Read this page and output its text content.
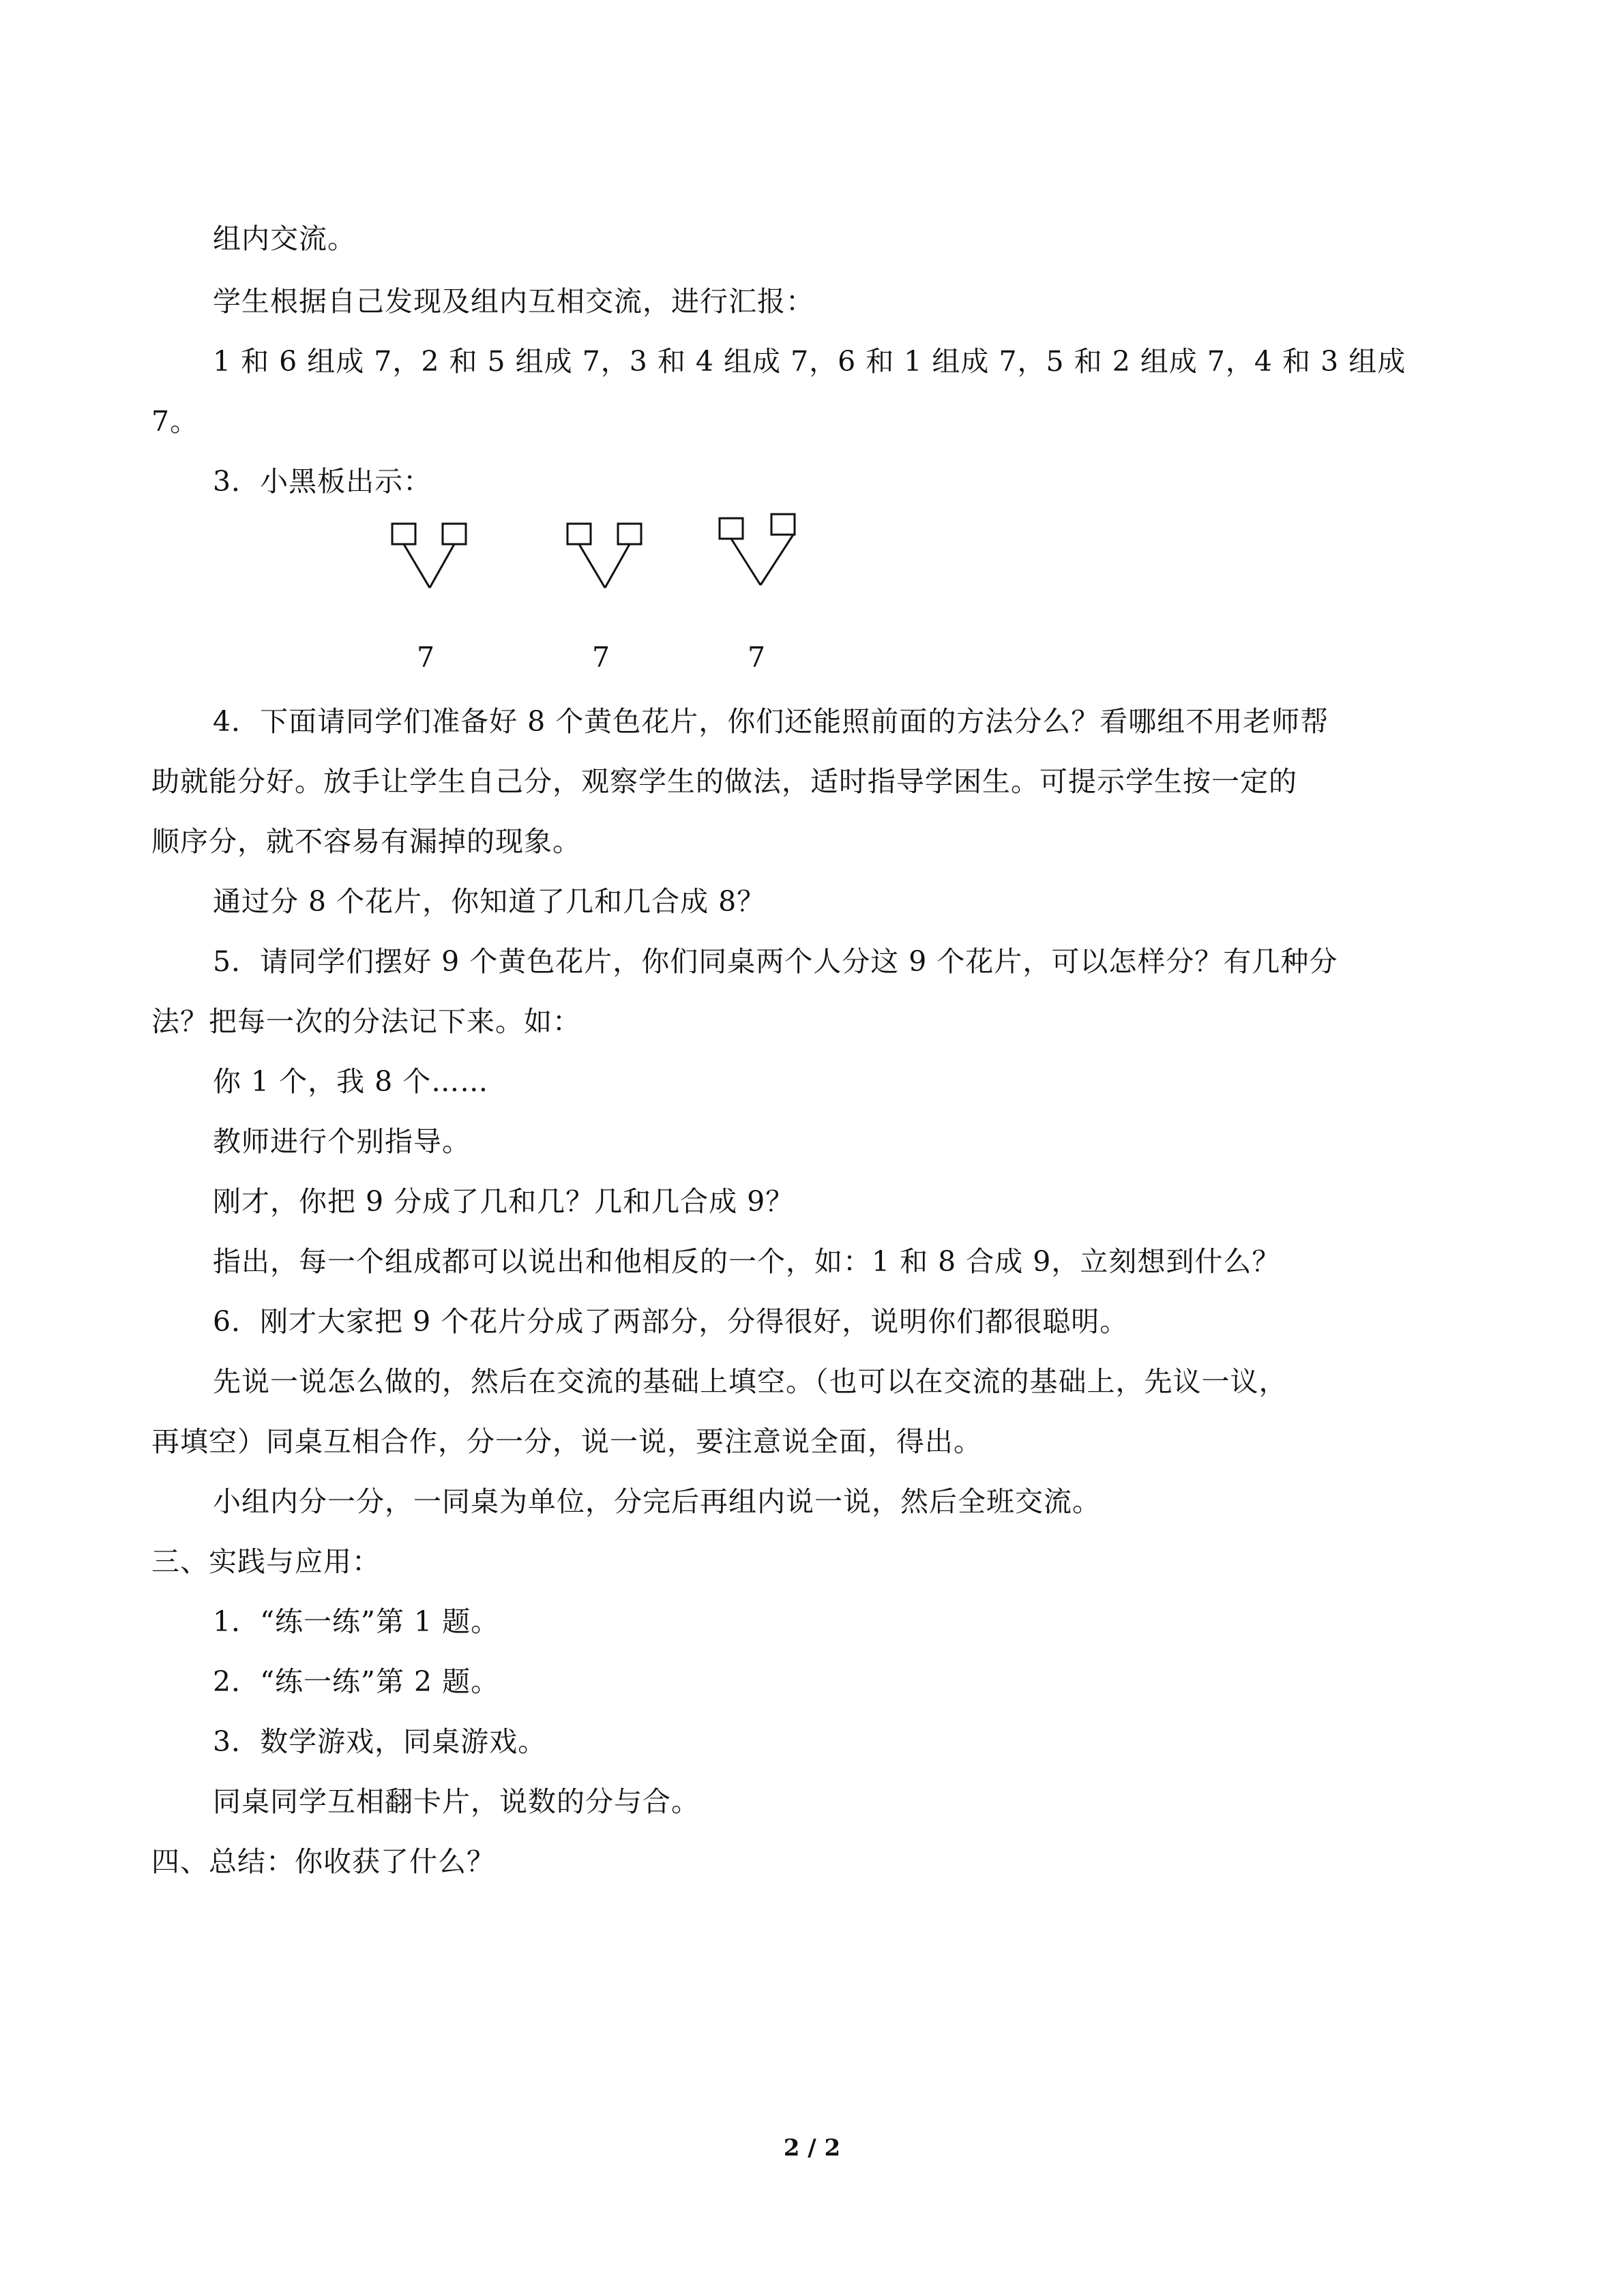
组内交流。
学生根据自己发现及组内互相交流，进行汇报：
1 和 6 组成 7，2 和 5 组成 7，3 和 4 组成 7，6 和 1 组成 7，5 和 2 组成 7，4 和 3 组成
7。
3．小黑板出示：
7	7	7
4．下面请同学们准备好 8 个黄色花片，你们还能照前面的方法分么？看哪组不用老师帮
助就能分好。放手让学生自己分，观察学生的做法，适时指导学困生。可提示学生按一定的
顺序分，就不容易有漏掉的现象。
通过分 8 个花片，你知道了几和几合成 8？
5．请同学们摆好 9 个黄色花片，你们同桌两个人分这 9 个花片，可以怎样分？有几种分
法？把每一次的分法记下来。如：
你 1 个，我 8 个……
教师进行个别指导。
刚才，你把 9 分成了几和几？几和几合成 9？
指出，每一个组成都可以说出和他相反的一个，如：1 和 8 合成 9，立刻想到什么？
6．刚才大家把 9 个花片分成了两部分，分得很好，说明你们都很聪明。
先说一说怎么做的，然后在交流的基础上填空。（也可以在交流的基础上，先议一议，
再填空）同桌互相合作，分一分，说一说，要注意说全面，得出。
小组内分一分，一同桌为单位，分完后再组内说一说，然后全班交流。
三、实践与应用：
1．“练一练”第 1 题。
2．“练一练”第 2 题。
3．数学游戏，同桌游戏。
同桌同学互相翻卡片，说数的分与合。
四、总结：你收获了什么？
2 / 2
